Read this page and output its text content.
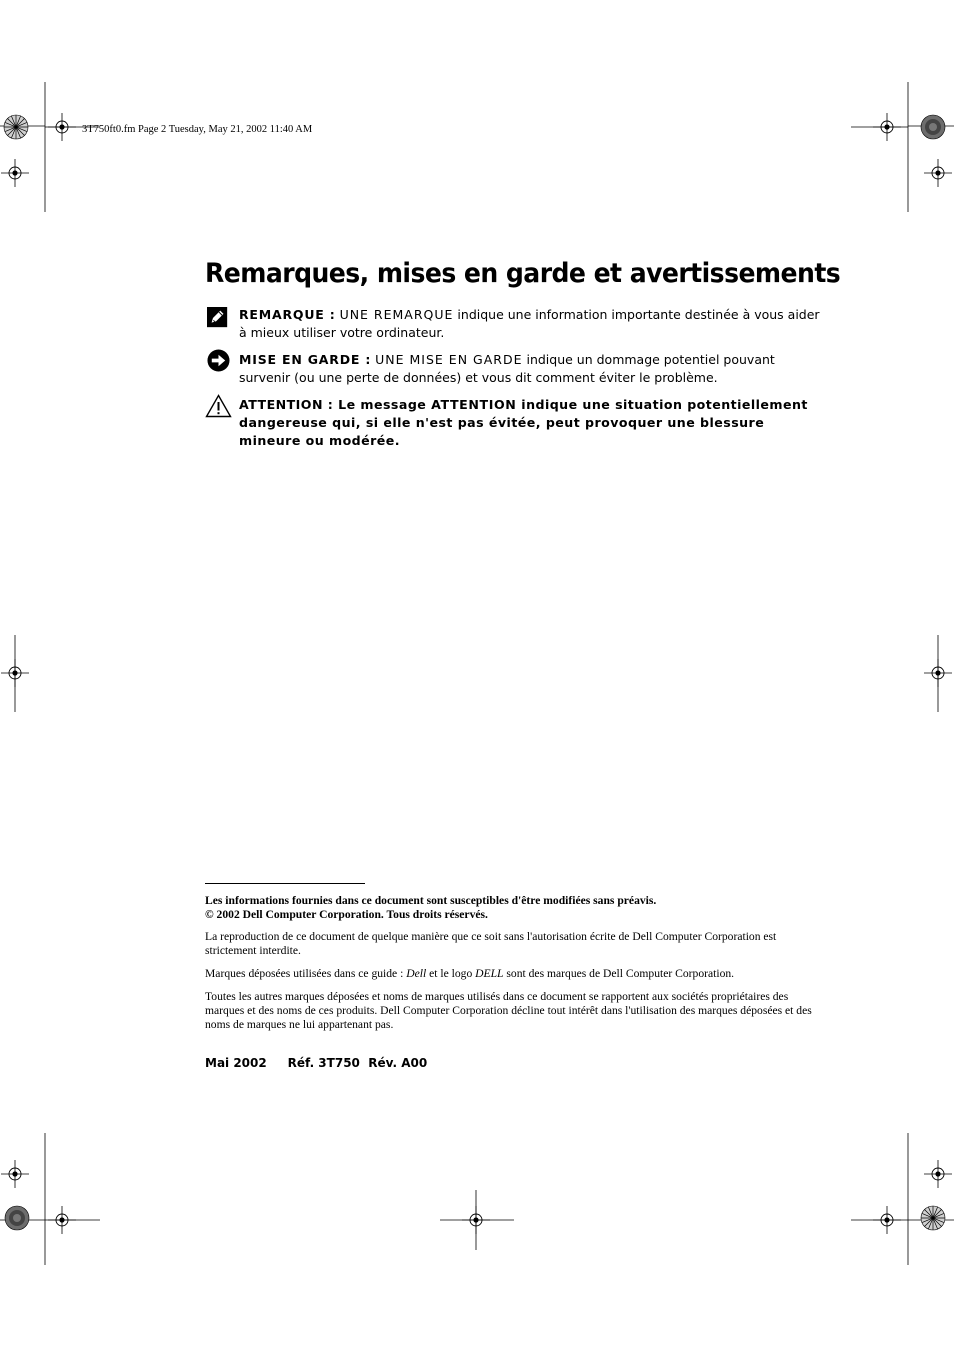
3T750ft0.fm Page 2 Tuesday, May 21, 2002 11:40 AM
Remarques, mises en garde et avertissements
REMARQUE : UNE REMARQUE indique une information importante destinée à vous aider à mieux utiliser votre ordinateur.
MISE EN GARDE : UNE MISE EN GARDE indique un dommage potentiel pouvant survenir (ou une perte de données) et vous dit comment éviter le problème.
ATTENTION : Le message ATTENTION indique une situation potentiellement dangereuse qui, si elle n'est pas évitée, peut provoquer une blessure mineure ou modérée.

Les informations fournies dans ce document sont susceptibles d'être modifiées sans préavis.

© 2002 Dell Computer Corporation. Tous droits réservés.

La reproduction de ce document de quelque manière que ce soit sans l'autorisation écrite de Dell Computer Corporation est strictement interdite.

Marques déposées utilisées dans ce guide : Dell et le logo DELL sont des marques de Dell Computer Corporation.

Toutes les autres marques déposées et noms de marques utilisés dans ce document se rapportent aux sociétés propriétaires des marques et des noms de ces produits. Dell Computer Corporation décline tout intérêt dans l'utilisation des marques déposées et des noms de marques ne lui appartenant pas.

Mai 2002 Réf. 3T750 Rév. A00
